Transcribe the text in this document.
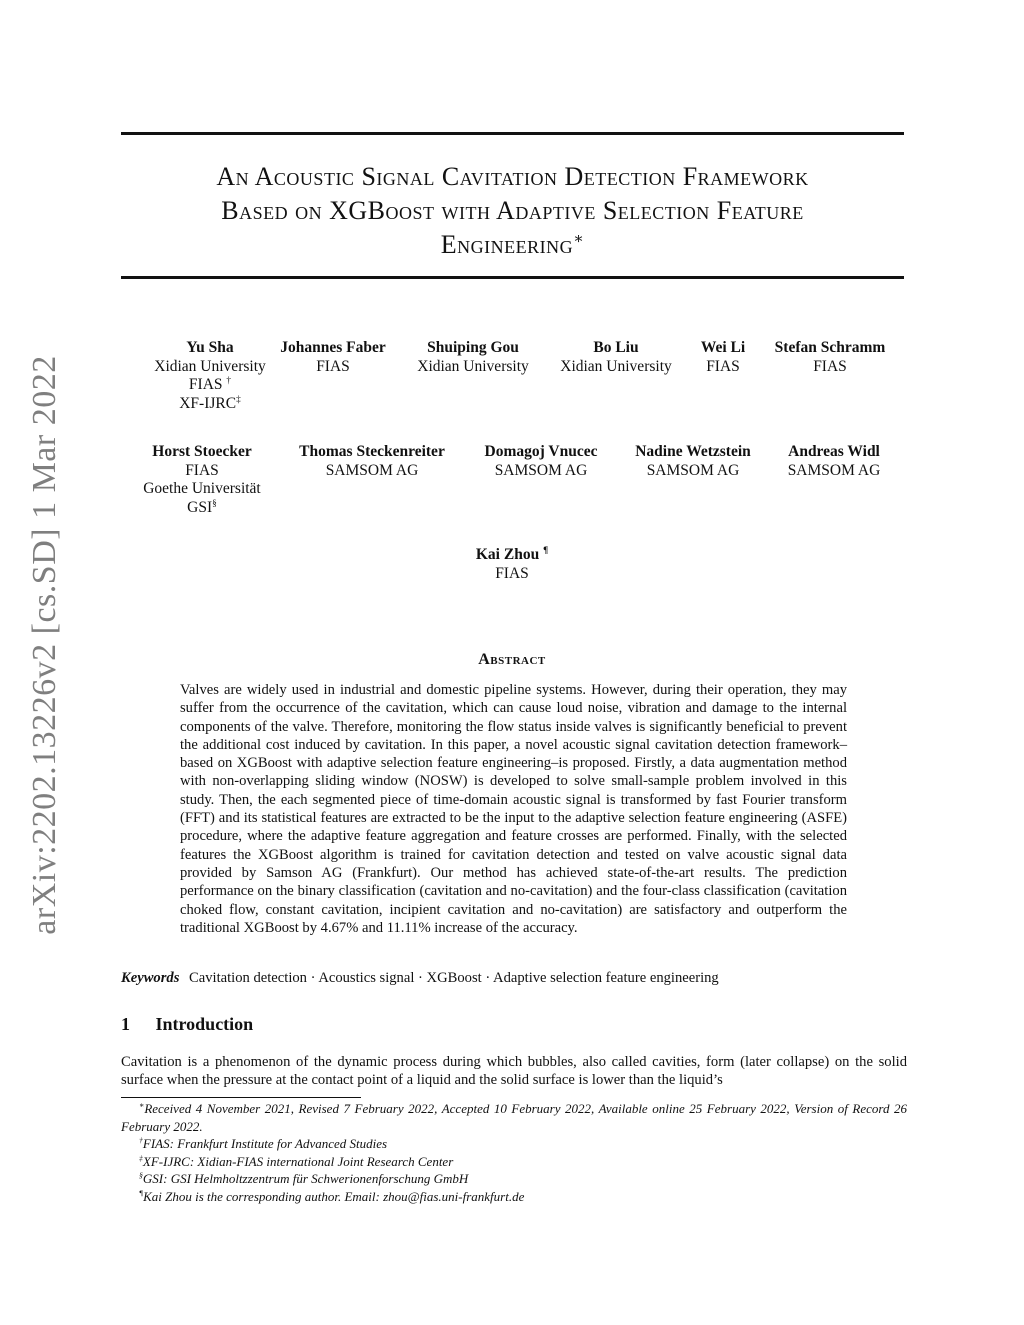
arXiv:2202.13226v2 [cs.SD] 1 Mar 2022
An Acoustic Signal Cavitation Detection Framework
Based on XGBoost with Adaptive Selection Feature
Engineering∗
Yu Sha
Xidian University
FIAS †
XF-IJRC‡
Johannes Faber
FIAS
Shuiping Gou
Xidian University
Bo Liu
Xidian University
Wei Li
FIAS
Stefan Schramm
FIAS
Horst Stoecker
FIAS
Goethe Universität
GSI§
Thomas Steckenreiter
SAMSOM AG
Domagoj Vnucec
SAMSOM AG
Nadine Wetzstein
SAMSOM AG
Andreas Widl
SAMSOM AG
Kai Zhou ¶
FIAS
Abstract
Valves are widely used in industrial and domestic pipeline systems. However, during their operation, they may suffer from the occurrence of the cavitation, which can cause loud noise, vibration and damage to the internal components of the valve. Therefore, monitoring the flow status inside valves is significantly beneficial to prevent the additional cost induced by cavitation. In this paper, a novel acoustic signal cavitation detection framework–based on XGBoost with adaptive selection feature engineering–is proposed. Firstly, a data augmentation method with non-overlapping sliding window (NOSW) is developed to solve small-sample problem involved in this study. Then, the each segmented piece of time-domain acoustic signal is transformed by fast Fourier transform (FFT) and its statistical features are extracted to be the input to the adaptive selection feature engineering (ASFE) procedure, where the adaptive feature aggregation and feature crosses are performed. Finally, with the selected features the XGBoost algorithm is trained for cavitation detection and tested on valve acoustic signal data provided by Samson AG (Frankfurt). Our method has achieved state-of-the-art results. The prediction performance on the binary classification (cavitation and no-cavitation) and the four-class classification (cavitation choked flow, constant cavitation, incipient cavitation and no-cavitation) are satisfactory and outperform the traditional XGBoost by 4.67% and 11.11% increase of the accuracy.
Keywords Cavitation detection · Acoustics signal · XGBoost · Adaptive selection feature engineering
1 Introduction
Cavitation is a phenomenon of the dynamic process during which bubbles, also called cavities, form (later collapse) on the solid surface when the pressure at the contact point of a liquid and the solid surface is lower than the liquid’s
∗Received 4 November 2021, Revised 7 February 2022, Accepted 10 February 2022, Available online 25 February 2022, Version of Record 26 February 2022.
†FIAS: Frankfurt Institute for Advanced Studies
‡XF-IJRC: Xidian-FIAS international Joint Research Center
§GSI: GSI Helmholtzzentrum für Schwerionenforschung GmbH
¶Kai Zhou is the corresponding author. Email: zhou@fias.uni-frankfurt.de
